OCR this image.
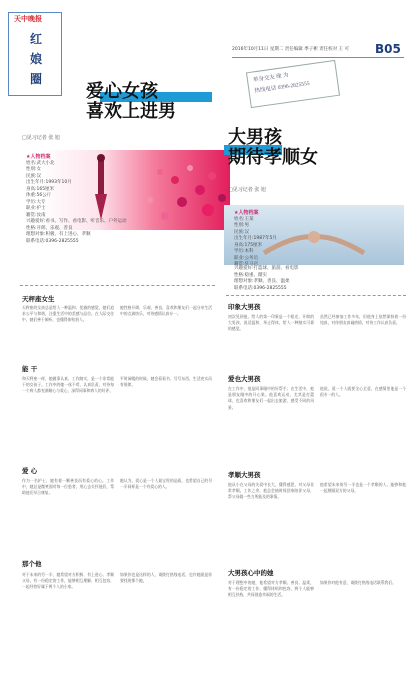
天中晚报
红
娘
圈
2016年10月11日 星期二 责任编辑 季子彬 责任校对 王 可 B05
单身交友 缘 为
热线电话 0396-2825555
爱心女孩
喜欢上进男
□见习记者 张 旭
★人物档案
姓名:武大小北
性别:女
民族:汉
出生年月:1993年10月
身高:165厘米
体重:56公斤
学历:大专
职业:护士
籍贯:汝南
兴趣爱好:看书、写作、看电影、听音乐、户外运动
性格:开朗、乐观、善良
理想对象:积极、有上进心、孝顺
联系电话:0396-2825555
天秤座女生
天秤座的女孩总是给人一种温和、优雅的感觉，她们追求公平与和谐，注重生活中的美感与品位。在人际交往中，她们善于倾听，也懂得体贴别人。
她性格开朗、乐观、善良，喜欢和朋友们一起分享生活中的点滴快乐，对待感情认真专一。
能 干
和天秤座一样，她做事认真，工作踏实，是一个非常能干的女孩子。工作中的她一丝不苟，认真负责，对待每一个病人都充满耐心与爱心，深得同事和病人的好评。
平时闲暇的时候，她会看看书、写写东西，生活充实而有规律。
爱 心
作为一名护士，她有着一颗善良而有爱心的心。工作中，她总是微笑面对每一位患者，用心去关怀他们，帮助他们早日康复。
她认为，爱心是一个人最宝贵的品质，也希望自己的另一半同样是一个有爱心的人。
那个他
对于未来的另一半，她希望对方积极、有上进心、孝顺父母，有一份稳定的工作，能够相互理解、相互包容，一起经营好属于两个人的小家。
如果你也是这样的人，请拨打热线电话，也许她就是你要找的那个她。
大男孩
期待孝顺女
□见习记者 张 旭
★人物档案
姓名:王某
性别:男
民族:汉
出生年月:1987年5月
身高:175厘米
学历:本科
职业:公务员
籍贯:驻马店
兴趣爱好:打篮球、旅游、看电影
性格:稳重、踏实
理想对象:孝顺、善良、温柔
联系电话:0396-2825555
印象大男孩
初次见到他，给人的第一印象是一个阳光、开朗的大男孩，说话温和，举止得体，给人一种踏实可靠的感觉。
虽然已经参加工作多年，但他身上依然保持着一份纯真，对待朋友真诚热情，对待工作认真负责。
爱也大男孩
在工作中，他是同事眼中的好帮手；在生活中，他是朋友眼中的开心果。他喜欢运动，尤其是打篮球，也喜欢和朋友们一起出去旅游，感受不同的风景。
他说，爱一个人就要全心全意，在感情里他是一个很专一的人。
孝顺大男孩
他从小在父母的关爱中长大，懂得感恩，对父母非常孝顺。工作之余，他总会抽时间回家陪伴父母，帮父母做一些力所能及的事情。
他希望未来的另一半也是一个孝顺的人，能够和他一起照顾双方的父母。
大男孩心中的她
对于理想中的她，他希望对方孝顺、善良、温柔，有一份稳定的工作，懂得体贴和包容，两个人能够相互扶持，共同创造幸福的生活。
如果你对他有意，请拨打热线电话联系我们。
